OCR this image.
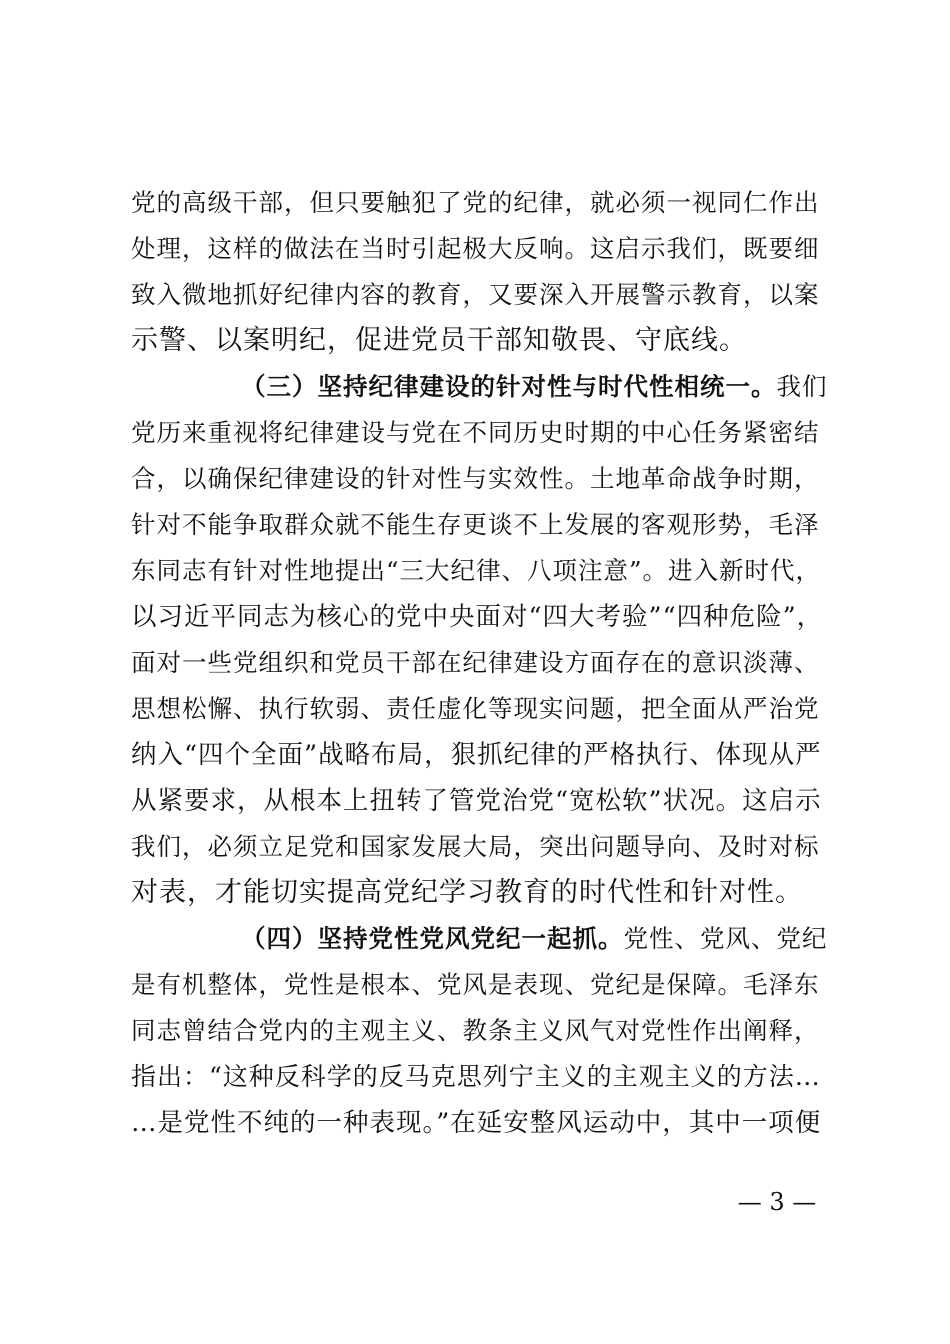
党的高级干部，但只要触犯了党的纪律，就必须一视同仁作出
处理，这样的做法在当时引起极大反响。这启示我们，既要细
致入微地抓好纪律内容的教育，又要深入开展警示教育，以案
示警、以案明纪，促进党员干部知敬畏、守底线。
（三）坚持纪律建设的针对性与时代性相统一。我们
党历来重视将纪律建设与党在不同历史时期的中心任务紧密结
合，以确保纪律建设的针对性与实效性。土地革命战争时期，
针对不能争取群众就不能生存更谈不上发展的客观形势，毛泽
东同志有针对性地提出“三大纪律、八项注意”。进入新时代，
以习近平同志为核心的党中央面对“四大考验”“四种危险”，
面对一些党组织和党员干部在纪律建设方面存在的意识淡薄、
思想松懈、执行软弱、责任虚化等现实问题，把全面从严治党
纳入“四个全面”战略布局，狠抓纪律的严格执行、体现从严
从紧要求，从根本上扭转了管党治党“宽松软”状况。这启示
我们，必须立足党和国家发展大局，突出问题导向、及时对标
对表，才能切实提高党纪学习教育的时代性和针对性。
（四）坚持党性党风党纪一起抓。党性、党风、党纪
是有机整体，党性是根本、党风是表现、党纪是保障。毛泽东
同志曾结合党内的主观主义、教条主义风气对党性作出阐释，
指出：“这种反科学的反马克思列宁主义的主观主义的方法…
…是党性不纯的一种表现。”在延安整风运动中，其中一项便
— 3 —
